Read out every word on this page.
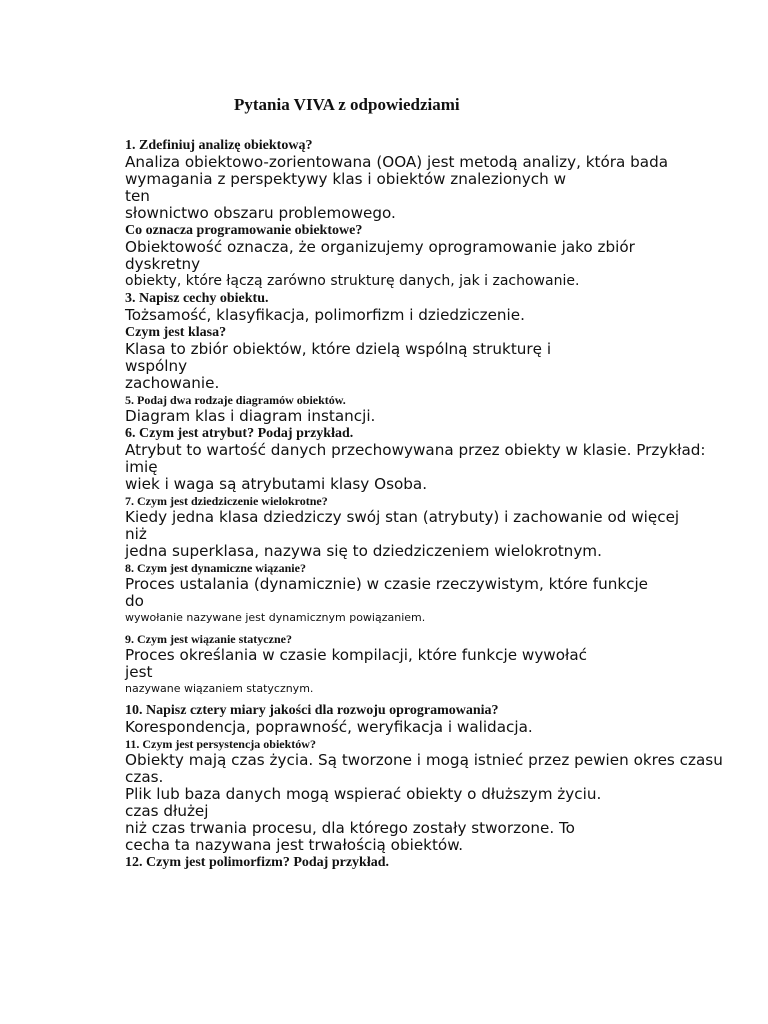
Pytania VIVA z odpowiedziami
1. Zdefiniuj analizę obiektową?
Analiza obiektowo-zorientowana (OOA) jest metodą analizy, która bada
wymagania z perspektywy klas i obiektów znalezionych w
ten
słownictwo obszaru problemowego.
Co oznacza programowanie obiektowe?
Obiektowość oznacza, że organizujemy oprogramowanie jako zbiór
dyskretny
obiekty, które łączą zarówno strukturę danych, jak i zachowanie.
3. Napisz cechy obiektu.
Tożsamość, klasyfikacja, polimorfizm i dziedziczenie.
Czym jest klasa?
Klasa to zbiór obiektów, które dzielą wspólną strukturę i
wspólny
zachowanie.
5. Podaj dwa rodzaje diagramów obiektów.
Diagram klas i diagram instancji.
6. Czym jest atrybut? Podaj przykład.
Atrybut to wartość danych przechowywana przez obiekty w klasie. Przykład:
imię
wiek i waga są atrybutami klasy Osoba.
7. Czym jest dziedziczenie wielokrotne?
Kiedy jedna klasa dziedziczy swój stan (atrybuty) i zachowanie od więcej
niż
jedna superklasa, nazywa się to dziedziczeniem wielokrotnym.
8. Czym jest dynamiczne wiązanie?
Proces ustalania (dynamicznie) w czasie rzeczywistym, które funkcje
do
wywołanie nazywane jest dynamicznym powiązaniem.
9. Czym jest wiązanie statyczne?
Proces określania w czasie kompilacji, które funkcje wywołać
jest
nazywane wiązaniem statycznym.
10. Napisz cztery miary jakości dla rozwoju oprogramowania?
Korespondencja, poprawność, weryfikacja i walidacja.
11. Czym jest persystencja obiektów?
Obiekty mają czas życia. Są tworzone i mogą istnieć przez pewien okres czasu
czas.
Plik lub baza danych mogą wspierać obiekty o dłuższym życiu.
czas dłużej
niż czas trwania procesu, dla którego zostały stworzone. To
cecha ta nazywana jest trwałością obiektów.
12. Czym jest polimorfizm? Podaj przykład.
